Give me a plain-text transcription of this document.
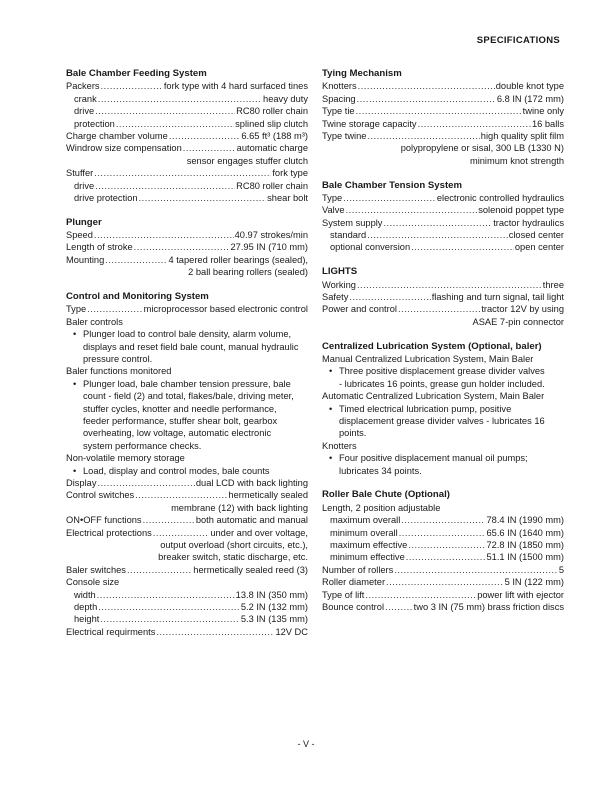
SPECIFICATIONS
Bale Chamber Feeding System
Packers .....	fork type with 4 hard surfaced tines
crank .....	heavy duty
drive .....	RC80 roller chain
protection .....	splined slip clutch
Charge chamber volume .....	6.65 ft³ (188 m³)
Windrow size compensation .....	automatic charge
sensor engages stuffer clutch
Stuffer .....	fork type
drive .....	RC80 roller chain
drive protection .....	shear bolt
Plunger
Speed .....	40.97 strokes/min
Length of stroke .....	27.95 IN (710 mm)
Mounting .....	4 tapered roller bearings (sealed),
2 ball bearing rollers (sealed)
Control and Monitoring System
Type .....	microprocessor based electronic control
Baler controls
• Plunger load to control bale density, alarm volume,
displays and reset field bale count, manual hydraulic
pressure control.
Baler functions monitored
• Plunger load, bale chamber tension pressure, bale
count - field (2) and total, flakes/bale, driving meter,
stuffer cycles, knotter and needle performance,
feeder performance, stuffer shear bolt, gearbox
overheating, low voltage, automatic electronic
system performance checks.
Non-volatile memory storage
• Load, display and control modes, bale counts
Display .....	dual LCD with back lighting
Control switches .....	hermetically sealed
membrane (12) with back lighting
ON•OFF functions .....	both automatic and manual
Electrical protections .....	under and over voltage,
output overload (short circuits, etc.),
breaker switch, static discharge, etc.
Baler switches .....	hermetically sealed reed (3)
Console size
width .....	13.8 IN (350 mm)
depth .....	5.2 IN (132 mm)
height .....	5.3 IN (135 mm)
Electrical requirments .....	12V DC
Tying Mechanism
Knotters .....	double knot type
Spacing .....	6.8 IN (172 mm)
Type tie .....	twine only
Twine storage capacity .....	16 balls
Type twine .....	high quality split film
polypropylene or sisal, 300 LB (1330 N)
minimum knot strength
Bale Chamber Tension System
Type .....	electronic controlled hydraulics
Valve .....	solenoid poppet type
System supply .....	tractor hydraulics
standard .....	closed center
optional conversion .....	open center
LIGHTS
Working .....	three
Safety .....	flashing and turn signal, tail light
Power and control .....	tractor 12V by using
ASAE 7-pin connector
Centralized Lubrication System (Optional, baler)
Manual Centralized Lubrication System, Main Baler
• Three positive displacement grease divider valves
- lubricates 16 points, grease gun holder included.
Automatic Centralized Lubrication System, Main Baler
• Timed electrical lubrication pump, positive
displacement grease divider valves - lubricates 16
points.
Knotters
• Four positive displacement manual oil pumps;
lubricates 34 points.
Roller Bale Chute (Optional)
Length, 2 position adjustable
maximum overall .....	78.4 IN (1990 mm)
minimum overall .....	65.6 IN (1640 mm)
maximum effective .....	72.8 IN (1850 mm)
minimum effective .....	51.1 IN (1500 mm)
Number of rollers .....	5
Roller diameter .....	5 IN (122 mm)
Type of lift .....	power lift with ejector
Bounce control .....	two 3 IN (75 mm) brass friction discs
- V -
